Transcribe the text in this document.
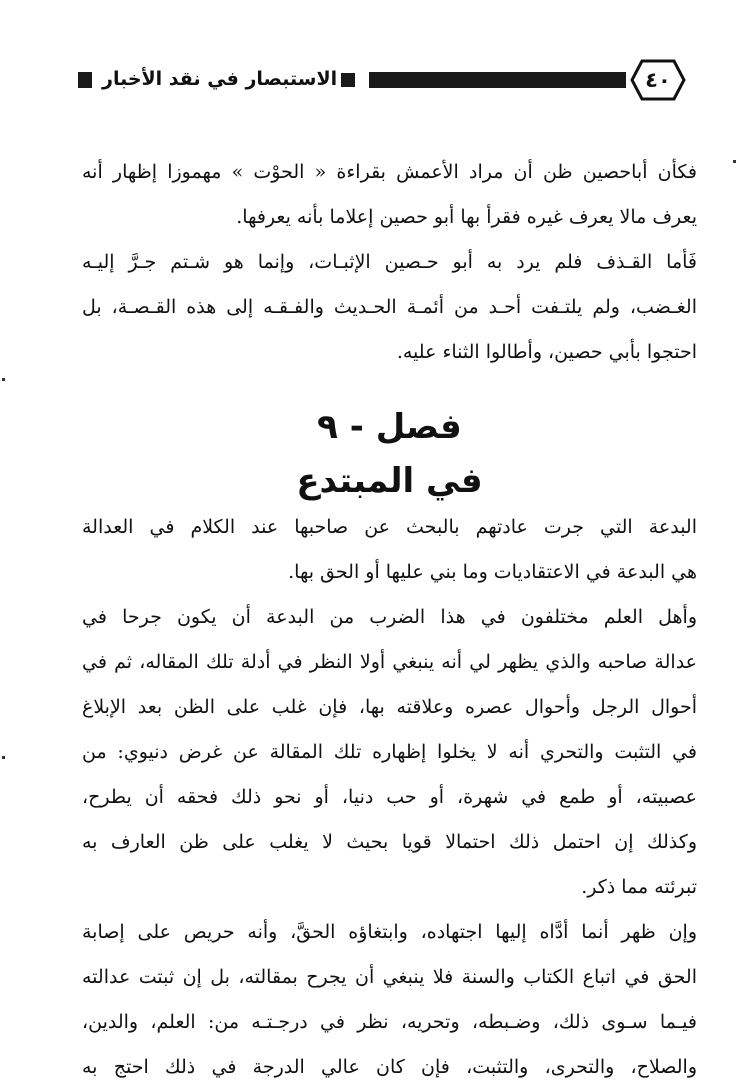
الاستبصار في نقد الأخبار	٤٠

فكأن أباحصين ظن أن مراد الأعمش بقراءة « الحوْت » مهموزا إظهار أنه

يعرف مالا يعرف غيره فقرأ بها أبو حصين إعلاما بأنه يعرفها.

فَأما القـذف فلم يرد به أبو حـصين الإثبـات، وإنما هو شـتم جـرَّ إليـه

الغـضب، ولم يلتـفت أحـد من أئمـة الحـديث والفـقـه إلى هذه القـصـة، بل

احتجوا بأبي حصين، وأطالوا الثناء عليه.

فصل - ٩
في المبتدع

البدعة التي جرت عادتهم بالبحث عن صاحبها عند الكلام في العدالة

هي البدعة في الاعتقاديات وما بني عليها أو الحق بها.

وأهل العلم مختلفون في هذا الضرب من البدعة أن يكون جرحا في

عدالة صاحبه والذي يظهر لي أنه ينبغي أولا النظر في أدلة تلك المقاله، ثم في

أحوال الرجل وأحوال عصره وعلاقته بها، فإن غلب على الظن بعد الإبلاغ

في التثبت والتحري أنه لا يخلوا إظهاره تلك المقالة عن غرض دنيوي: من

عصبيته، أو طمع في شهرة، أو حب دنيا، أو نحو ذلك فحقه أن يطرح،

وكذلك إن احتمل ذلك احتمالا قويا بحيث لا يغلب على ظن العارف به

تبرئته مما ذكر.

وإن ظهر أنما أدَّاه إليها اجتهاده، وابتغاؤه الحقَّ، وأنه حريص على إصابة

الحق في اتباع الكتاب والسنة فلا ينبغي أن يجرح بمقالته، بل إن ثبتت عدالته

فيـما سـوى ذلك، وضـبطه، وتحريه، نظر في درجـتـه من: العلم، والدين،

والصلاح، والتحرى، والتثبت، فإن كان عالي الدرجة في ذلك احتج به
